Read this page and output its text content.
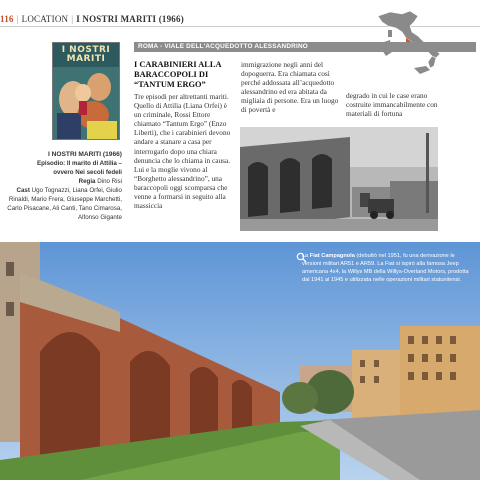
116 | LOCATION | I NOSTRI MARITI (1966)
I NOSTRI
MARITI
I NOSTRI MARITI (1966)
Episodio: Il marito di Attilia –
ovvero Nei secoli fedeli
Regia Dino Risi
Cast Ugo Tognazzi, Liana Orfei, Giulio Rinaldi, Mario Frera, Giuseppe Marchetti, Carlo Pisacane, Ali Canti, Tano Cimarosa, Alfonso Gigante
ROMA - VIALE DELL'ACQUEDOTTO ALESSANDRINO
I CARABINIERI ALLA BARACCOPOLI DI “TANTUM ERGO”
Tre episodi per altrettanti mariti. Quello di Attilia (Liana Orfei) è un criminale, Rossi Ettore chiamato “Tantum Ergo” (Enzo Liberti), che i carabinieri devono andare a stanare a casa per interrogarlo dopo una chiara denuncia che lo chiama in causa. Lui e la moglie vivono al “Borghetto alessandrino”, una baraccopoli oggi scomparsa che venne a formarsi in seguito alla massiccia
immigrazione negli anni del dopoguerra. Era chiamata così perché addossata all’acquedotto alessandrino ed era abitata da migliaia di persone. Era un luogo di povertà e
degrado in cui le case erano costruite immancabilmente con materiali di fortuna
La Fiat Campagnola (debuttò nel 1951, fu una derivazione le versioni militari AR51 e AR59. La Fiat si ispirò alla famosa Jeep americana 4x4, la Willys MB della Willys-Overland Motors, prodotta dal 1941 al 1945 e utilizzata nelle operazioni militari statunitensi.
